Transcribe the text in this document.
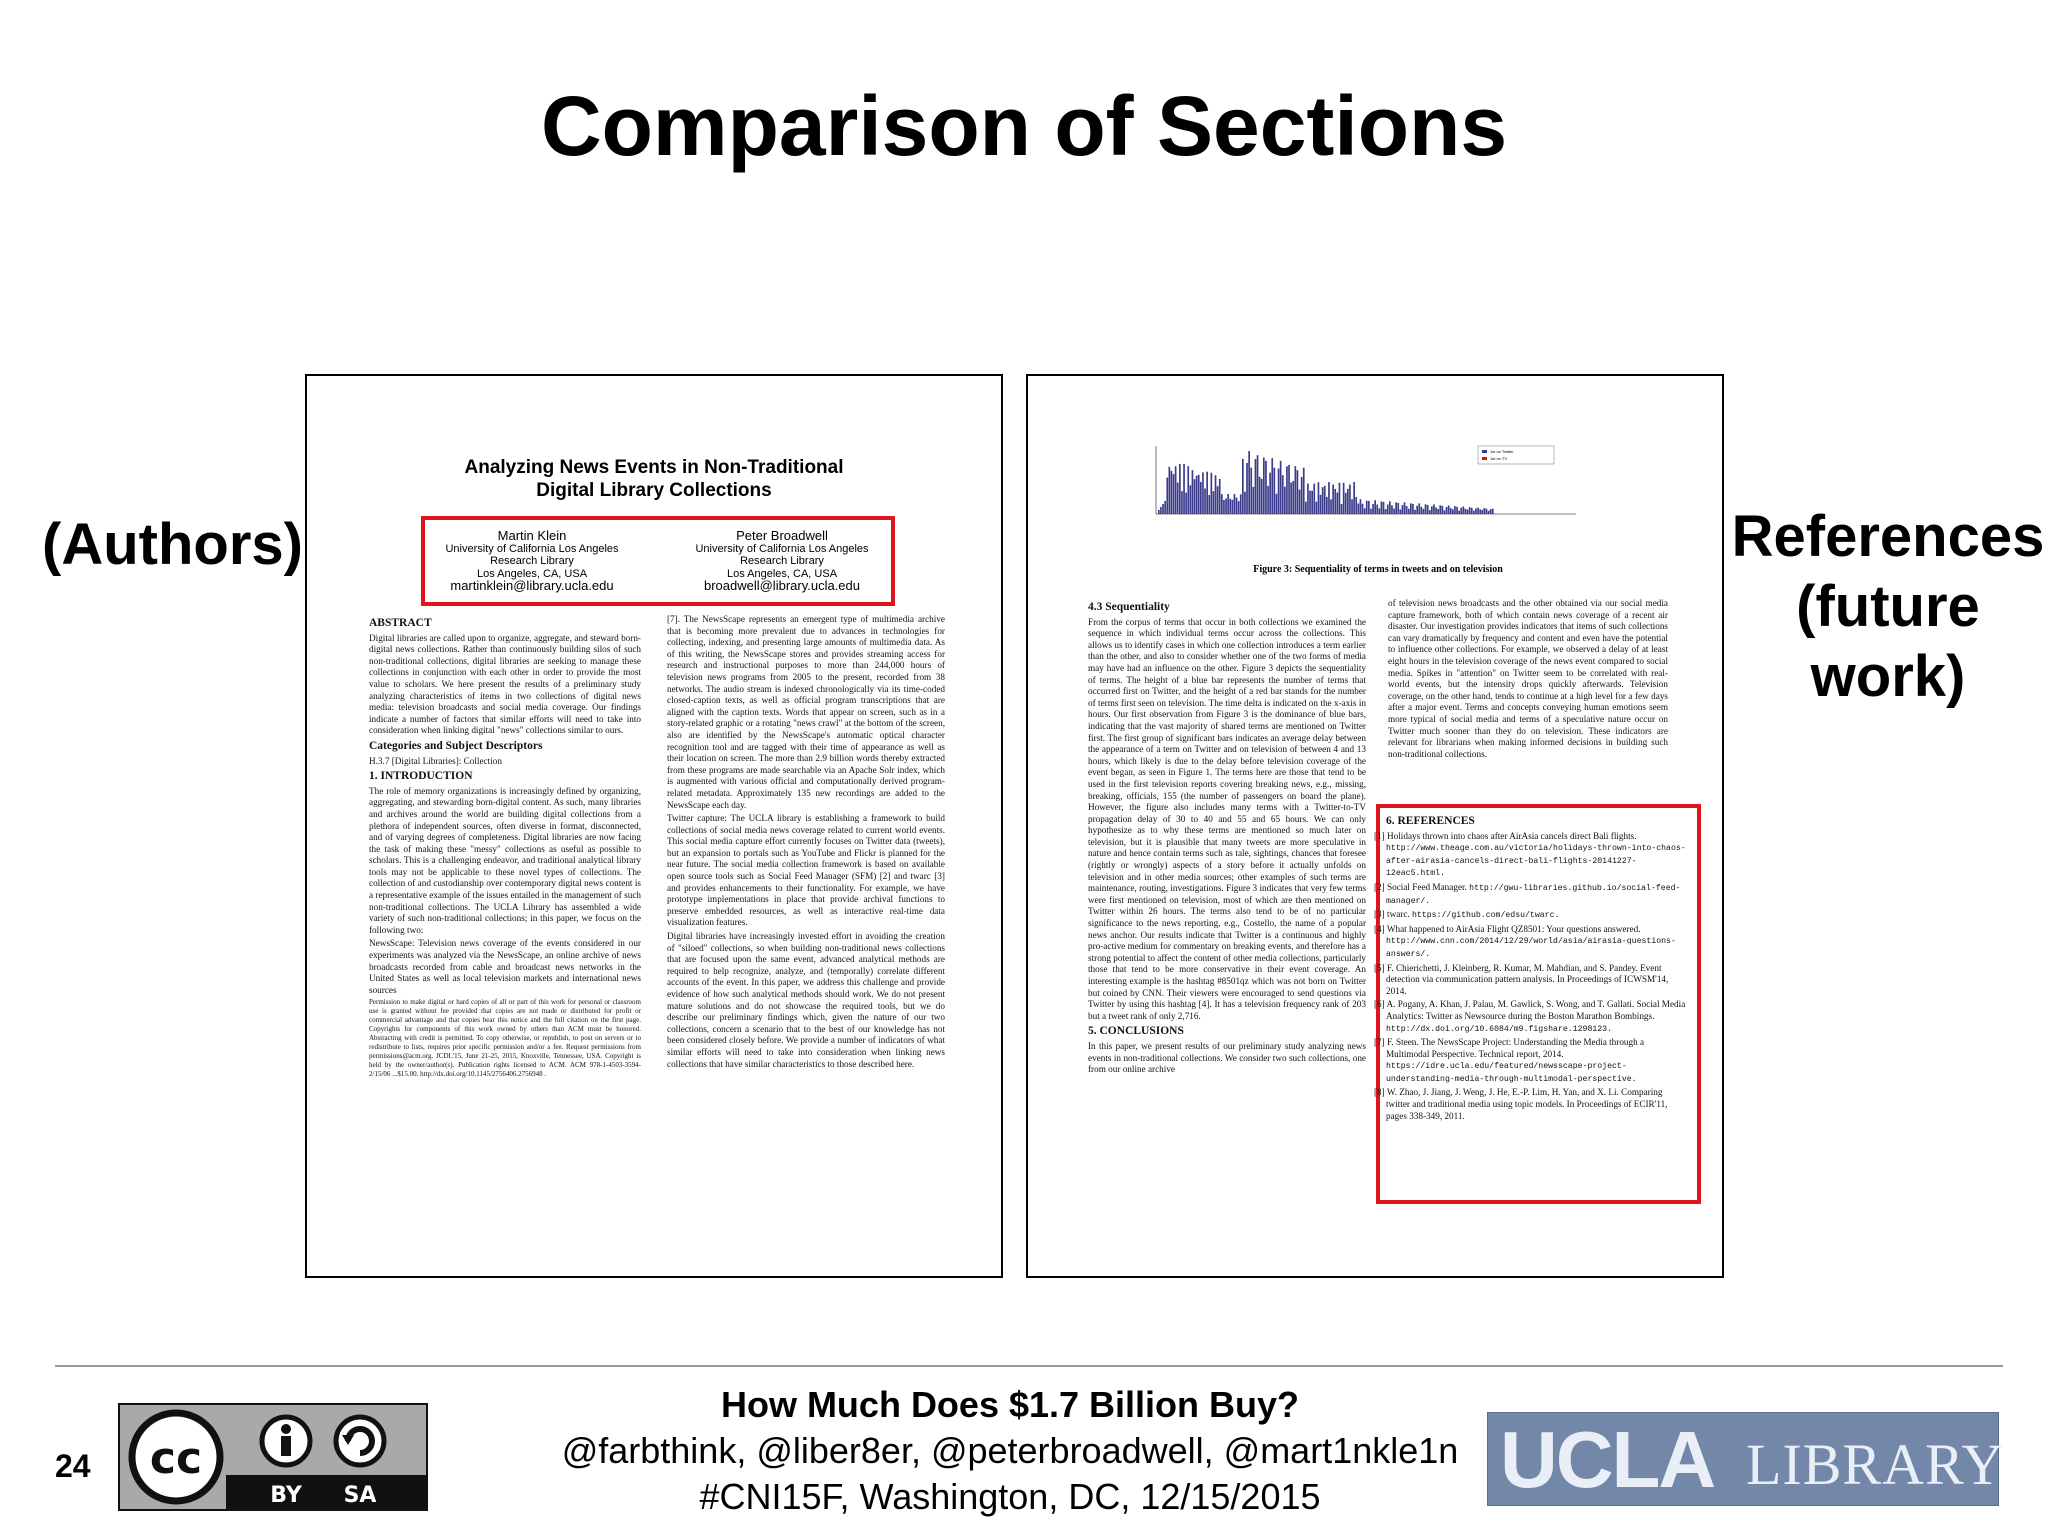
Comparison of Sections
(Authors)	References
(future
work)
Analyzing News Events in Non-Traditional
Digital Library Collections
Martin Klein
University of California Los Angeles
Research Library
Los Angeles, CA, USA
martinklein@library.ucla.edu
Peter Broadwell
University of California Los Angeles
Research Library
Los Angeles, CA, USA
broadwell@library.ucla.edu
ABSTRACT

Digital libraries are called upon to organize, aggregate, and steward born-digital news collections. Rather than continuously building silos of such non-traditional collections, digital libraries are seeking to manage these collections in conjunction with each other in order to provide the most value to scholars. We here present the results of a preliminary study analyzing characteristics of items in two collections of digital news media: television broadcasts and social media coverage. Our findings indicate a number of factors that similar efforts will need to take into consideration when linking digital "news" collections similar to ours.

Categories and Subject Descriptors

H.3.7 [Digital Libraries]: Collection

1. INTRODUCTION

The role of memory organizations is increasingly defined by organizing, aggregating, and stewarding born-digital content. As such, many libraries and archives around the world are building digital collections from a plethora of independent sources, often diverse in format, disconnected, and of varying degrees of completeness. Digital libraries are now facing the task of making these "messy" collections as useful as possible to scholars. This is a challenging endeavor, and traditional analytical library tools may not be applicable to these novel types of collections. The collection of and custodianship over contemporary digital news content is a representative example of the issues entailed in the management of such non-traditional collections. The UCLA Library has assembled a wide variety of such non-traditional collections; in this paper, we focus on the following two:

NewsScape: Television news coverage of the events considered in our experiments was analyzed via the NewsScape, an online archive of news broadcasts recorded from cable and broadcast news networks in the United States as well as local television markets and international news sources

Permission to make digital or hard copies of all or part of this work for personal or classroom use is granted without fee provided that copies are not made or distributed for profit or commercial advantage and that copies bear this notice and the full citation on the first page. Copyrights for components of this work owned by others than ACM must be honored. Abstracting with credit is permitted. To copy otherwise, or republish, to post on servers or to redistribute to lists, requires prior specific permission and/or a fee. Request permissions from permissions@acm.org. JCDL'15, June 21-25, 2015, Knoxville, Tennessee, USA. Copyright is held by the owner/author(s). Publication rights licensed to ACM. ACM 978-1-4503-3594-2/15/06 ...$15.00. http://dx.doi.org/10.1145/2756406.2756948 .

[7]. The NewsScape represents an emergent type of multimedia archive that is becoming more prevalent due to advances in technologies for collecting, indexing, and presenting large amounts of multimedia data. As of this writing, the NewsScape stores and provides streaming access for research and instructional purposes to more than 244,000 hours of television news programs from 2005 to the present, recorded from 38 networks. The audio stream is indexed chronologically via its time-coded closed-caption texts, as well as official program transcriptions that are aligned with the caption texts. Words that appear on screen, such as in a story-related graphic or a rotating "news crawl" at the bottom of the screen, also are identified by the NewsScape's automatic optical character recognition tool and are tagged with their time of appearance as well as their location on screen. The more than 2.9 billion words thereby extracted from these programs are made searchable via an Apache Solr index, which is augmented with various official and computationally derived program-related metadata. Approximately 135 new recordings are added to the NewsScape each day.

Twitter capture: The UCLA library is establishing a framework to build collections of social media news coverage related to current world events. This social media capture effort currently focuses on Twitter data (tweets), but an expansion to portals such as YouTube and Flickr is planned for the near future. The social media collection framework is based on available open source tools such as Social Feed Manager (SFM) [2] and twarc [3] and provides enhancements to their functionality. For example, we have prototype implementations in place that provide archival functions to preserve embedded resources, as well as interactive real-time data visualization features.

Digital libraries have increasingly invested effort in avoiding the creation of "siloed" collections, so when building non-traditional news collections that are focused upon the same event, advanced analytical methods are required to help recognize, analyze, and (temporally) correlate different accounts of the event. In this paper, we address this challenge and provide evidence of how such analytical methods should work. We do not present mature solutions and do not showcase the required tools, but we do describe our preliminary findings which, given the nature of our two collections, concern a scenario that to the best of our knowledge has not been considered closely before. We provide a number of indicators of what similar efforts will need to take into consideration when linking news collections that have similar characteristics to those described here.

1st on Twitter
1st on TV
Figure 3: Sequentiality of terms in tweets and on television
4.3 Sequentiality

From the corpus of terms that occur in both collections we examined the sequence in which individual terms occur across the collections. This allows us to identify cases in which one collection introduces a term earlier than the other, and also to consider whether one of the two forms of media may have had an influence on the other. Figure 3 depicts the sequentiality of terms. The height of a blue bar represents the number of terms that occurred first on Twitter, and the height of a red bar stands for the number of terms first seen on television. The time delta is indicated on the x-axis in hours. Our first observation from Figure 3 is the dominance of blue bars, indicating that the vast majority of shared terms are mentioned on Twitter first. The first group of significant bars indicates an average delay between the appearance of a term on Twitter and on television of between 4 and 13 hours, which likely is due to the delay before television coverage of the event began, as seen in Figure 1. The terms here are those that tend to be used in the first television reports covering breaking news, e.g., missing, breaking, officials, 155 (the number of passengers on board the plane). However, the figure also includes many terms with a Twitter-to-TV propagation delay of 30 to 40 and 55 and 65 hours. We can only hypothesize as to why these terms are mentioned so much later on television, but it is plausible that many tweets are more speculative in nature and hence contain terms such as tale, sightings, chances that foresee (rightly or wrongly) aspects of a story before it actually unfolds on television and in other media sources; other examples of such terms are maintenance, routing, investigations. Figure 3 indicates that very few terms were first mentioned on television, most of which are then mentioned on Twitter within 26 hours. The terms also tend to be of no particular significance to the news reporting, e.g., Costello, the name of a popular news anchor. Our results indicate that Twitter is a continuous and highly pro-active medium for commentary on breaking events, and therefore has a strong potential to affect the content of other media collections, particularly those that tend to be more conservative in their event coverage. An interesting example is the hashtag #8501qz which was not born on Twitter but coined by CNN. Their viewers were encouraged to send questions via Twitter by using this hashtag [4]. It has a television frequency rank of 203 but a tweet rank of only 2,716.

5. CONCLUSIONS

In this paper, we present results of our preliminary study analyzing news events in non-traditional collections. We consider two such collections, one from our online archive

of television news broadcasts and the other obtained via our social media capture framework, both of which contain news coverage of a recent air disaster. Our investigation provides indicators that items of such collections can vary dramatically by frequency and content and even have the potential to influence other collections. For example, we observed a delay of at least eight hours in the television coverage of the news event compared to social media. Spikes in "attention" on Twitter seem to be correlated with real-world events, but the intensity drops quickly afterwards. Television coverage, on the other hand, tends to continue at a high level for a few days after a major event. Terms and concepts conveying human emotions seem more typical of social media and terms of a speculative nature occur on Twitter much sooner than they do on television. These indicators are relevant for librarians when making informed decisions in building such non-traditional collections.

6. REFERENCES

[1] Holidays thrown into chaos after AirAsia cancels direct Bali flights. http://www.theage.com.au/victoria/holidays-thrown-into-chaos-after-airasia-cancels-direct-bali-flights-20141227-12eac5.html.

[2] Social Feed Manager. http://gwu-libraries.github.io/social-feed-manager/.

[3] twarc. https://github.com/edsu/twarc.

[4] What happened to AirAsia Flight QZ8501: Your questions answered. http://www.cnn.com/2014/12/29/world/asia/airasia-questions-answers/.

[5] F. Chierichetti, J. Kleinberg, R. Kumar, M. Mahdian, and S. Pandey. Event detection via communication pattern analysis. In Proceedings of ICWSM'14, 2014.

[6] A. Pogany, A. Khan, J. Palau, M. Gawlick, S. Wong, and T. Gallati. Social Media Analytics: Twitter as Newsource during the Boston Marathon Bombings. http://dx.doi.org/10.6084/m9.figshare.1298123.

[7] F. Steen. The NewsScape Project: Understanding the Media through a Multimodal Perspective. Technical report, 2014. https://idre.ucla.edu/featured/newsscape-project-understanding-media-through-multimodal-perspective.

[8] W. Zhao, J. Jiang, J. Weng, J. He, E.-P. Lim, H. Yan, and X. Li. Comparing twitter and traditional media using topic models. In Proceedings of ECIR'11, pages 338-349, 2011.

24 cc
BY SA
How Much Does $1.7 Billion Buy?
@farbthink, @liber8er, @peterbroadwell, @mart1nkle1n
#CNI15F, Washington, DC, 12/15/2015	UCLA LIBRARY
